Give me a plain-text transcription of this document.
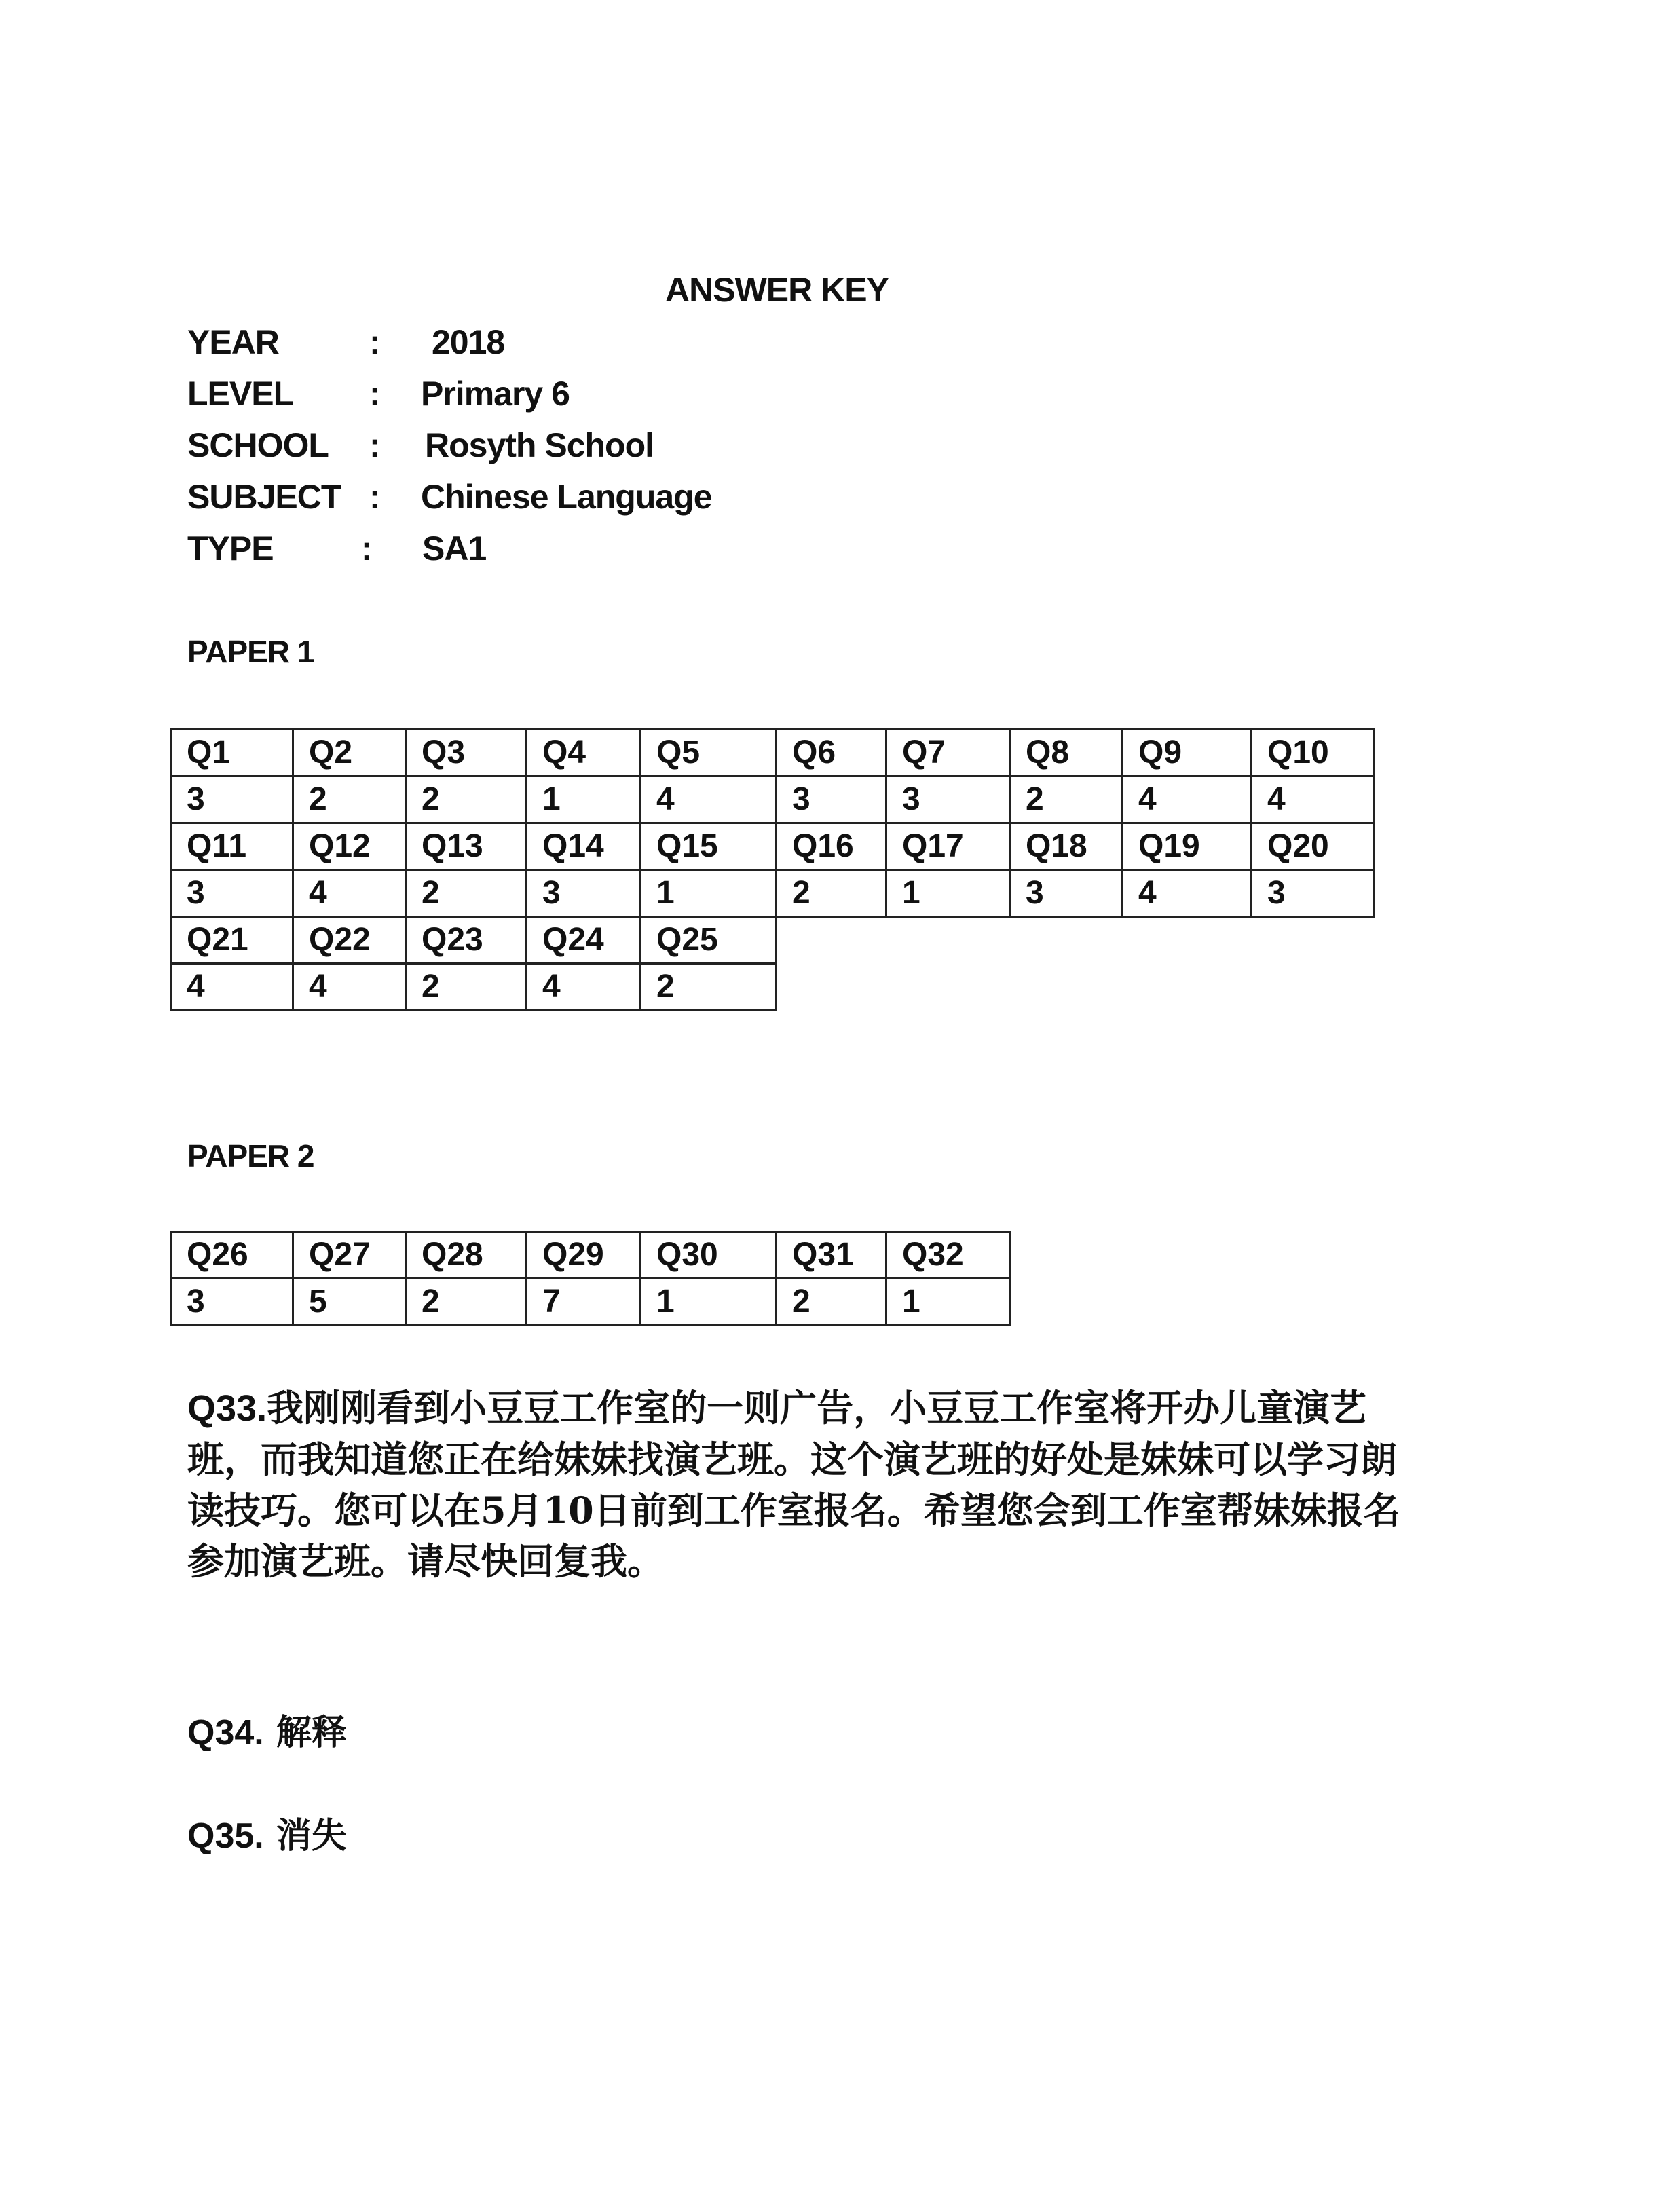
ANSWER KEY
YEAR	: 2018
LEVEL : Primary 6
SCHOOL : Rosyth School
SUBJECT : Chinese Language
TYPE	: SA1
PAPER 1
Q1	Q2	Q3	Q4	Q5	Q6	Q7	Q8	Q9	Q10
3	2	2	1	4	3	3	2	4	4
Q11	Q12	Q13	Q14	Q15	Q16	Q17	Q18	Q19	Q20
3	4	2	3	1	2	1	3	4	3
Q21	Q22	Q23	Q24	Q25					
4	4	2	4	2					
PAPER 2
Q26	Q27	Q28	Q29	Q30	Q31	Q32
3	5	2	7	1	2	1
Q33.我刚刚看到小豆豆工作室的一则广告，小豆豆工作室将开办儿童演艺班，而我知道您正在给妹妹找演艺班。这个演艺班的好处是妹妹可以学习朗读技巧。您可以在5月10日前到工作室报名。希望您会到工作室帮妹妹报名参加演艺班。请尽快回复我。
Q34. 解释
Q35. 消失
